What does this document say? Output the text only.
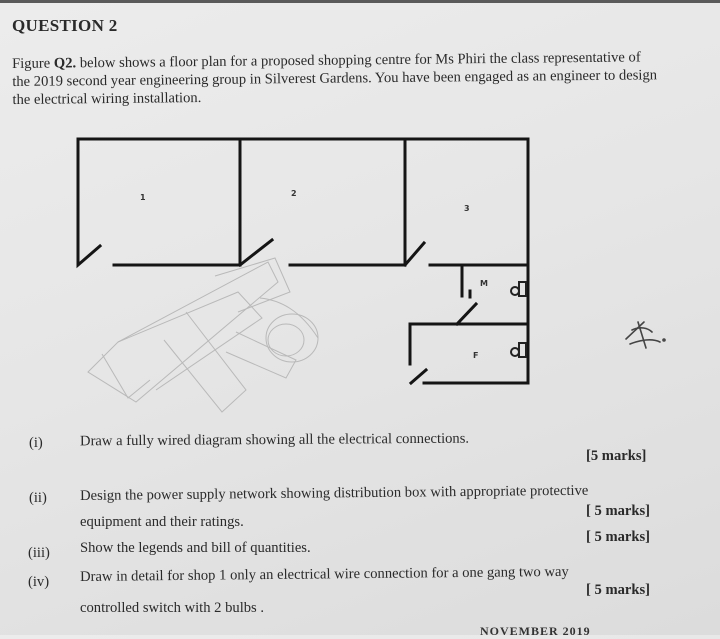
QUESTION 2
Figure Q2. below shows a floor plan for a proposed shopping centre for Ms Phiri the class representative of the 2019 second year engineering group in Silverest Gardens. You have been engaged as an engineer to design the electrical wiring installation.
1	2
3
M
F
(i)	Draw a fully wired diagram showing all the electrical connections.
[5 marks]
(ii) Design the power supply network showing distribution box with appropriate protective
equipment and their ratings.
[ 5 marks]
(iii) Show the legends and bill of quantities.
[ 5 marks]
(iv) Draw in detail for shop 1 only an electrical wire connection for a one gang two way
controlled switch with 2 bulbs .
[ 5 marks]
NOVEMBER 2019
